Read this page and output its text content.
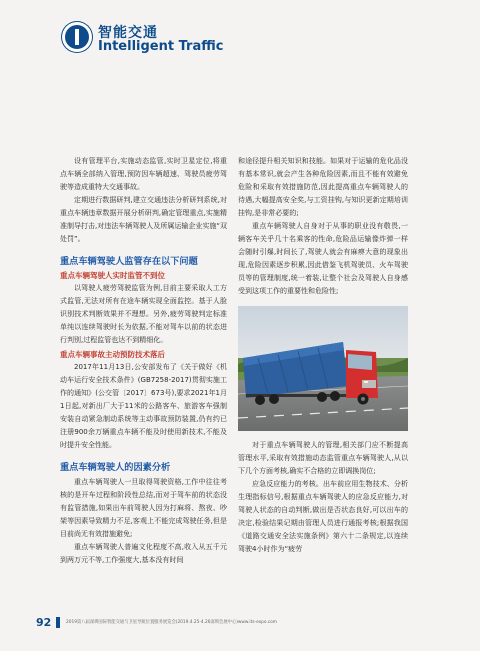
智能交通
Intelligent Traffic

设有管理平台,实施动态监管,实时卫星定位,将重点车辆全部纳入管理,预防因车辆超速、驾驶员疲劳驾驶等造成重特大交通事故。

定期进行数据研判,建立交通违法分析研判系统,对重点车辆违章数据开展分析研判,确定管理重点,实施精准制导打击,对违法车辆驾驶人及所属运输企业实施“双处罚”。

重点车辆驾驶人监管存在以下问题
重点车辆驾驶人实时监管不到位

以驾驶人疲劳驾驶监管为例,目前主要采取人工方式监管,无法对所有在途车辆实现全面监控。基于人脸识别技术判断效果并不理想。另外,疲劳驾驶判定标准单纯以连续驾驶时长为依据,不能对驾车以前的状态进行判别,过程监管也达不到精细化。

重点车辆事故主动预防技术落后

2017年11月13日,公安部发布了《关于做好《机动车运行安全技术条件》(GB7258-2017)贯彻实施工作的通知》(公交管〔2017〕673号),要求2021年1月1日起,对新出厂大于11米的公路客车、旅游客车强制安装自动紧急制动系统等主动事故预防装置,仍有约已注册900余万辆重点车辆不能及时使用新技术,不能及时提升安全性能。

重点车辆驾驶人的因素分析

重点车辆驾驶人一旦取得驾驶资格,工作中往往考核的是开车过程和阶段性总结,而对于驾车前的状态没有监管措施,如果出车前驾驶人因为打麻将、熬夜、吵架等因素导致精力不足,客观上不能完成驾驶任务,但是目前尚无有效措施避免;

重点车辆驾驶人普遍文化程度不高,收入从五千元到两万元不等,工作强度大,基本没有时间

和途径提升相关知识和技能。如果对于运输的危化品没有基本常识,就会产生各种危险因素,而且不能有效避免危险和采取有效措施防范,因此提高重点车辆驾驶人的待遇,大幅提高安全奖,与工资挂钩,与知识更新定期培训挂钩,是非常必要的;

重点车辆驾驶人自身对于从事的职业没有敬畏,一辆客车关乎几十名乘客的性命,危险品运输像炸弹一样会随时引爆,时间长了,驾驶人就会有麻痹大意的现象出现,危险因素逐步积累,因此借鉴飞机驾驶员、火车驾驶员等的管理制度,统一着装,让整个社会及驾驶人自身感受到这项工作的重要性和危险性;

对于重点车辆驾驶人的管理,相关部门应不断提高管理水平,采取有效措施动态监管重点车辆驾驶人,从以下几个方面考核,确实不合格的立即调换岗位;

应急反应能力的考核。出车前应用生物技术、分析生理指标信号,根据重点车辆驾驶人的应急反应能力,对驾驶人状态的自动判断,做出是否状态良好,可以出车的决定,检验结果记期由管理人员进行通报考核;根据我国《道路交通安全法实施条例》第六十二条规定,以连续驾驶4小时作为“疲劳

92	2019第八届深圳国际智能交通与卫星导航位置服务展览会(2019.4.25-4.26深圳会展中心)www.its-expo.com
